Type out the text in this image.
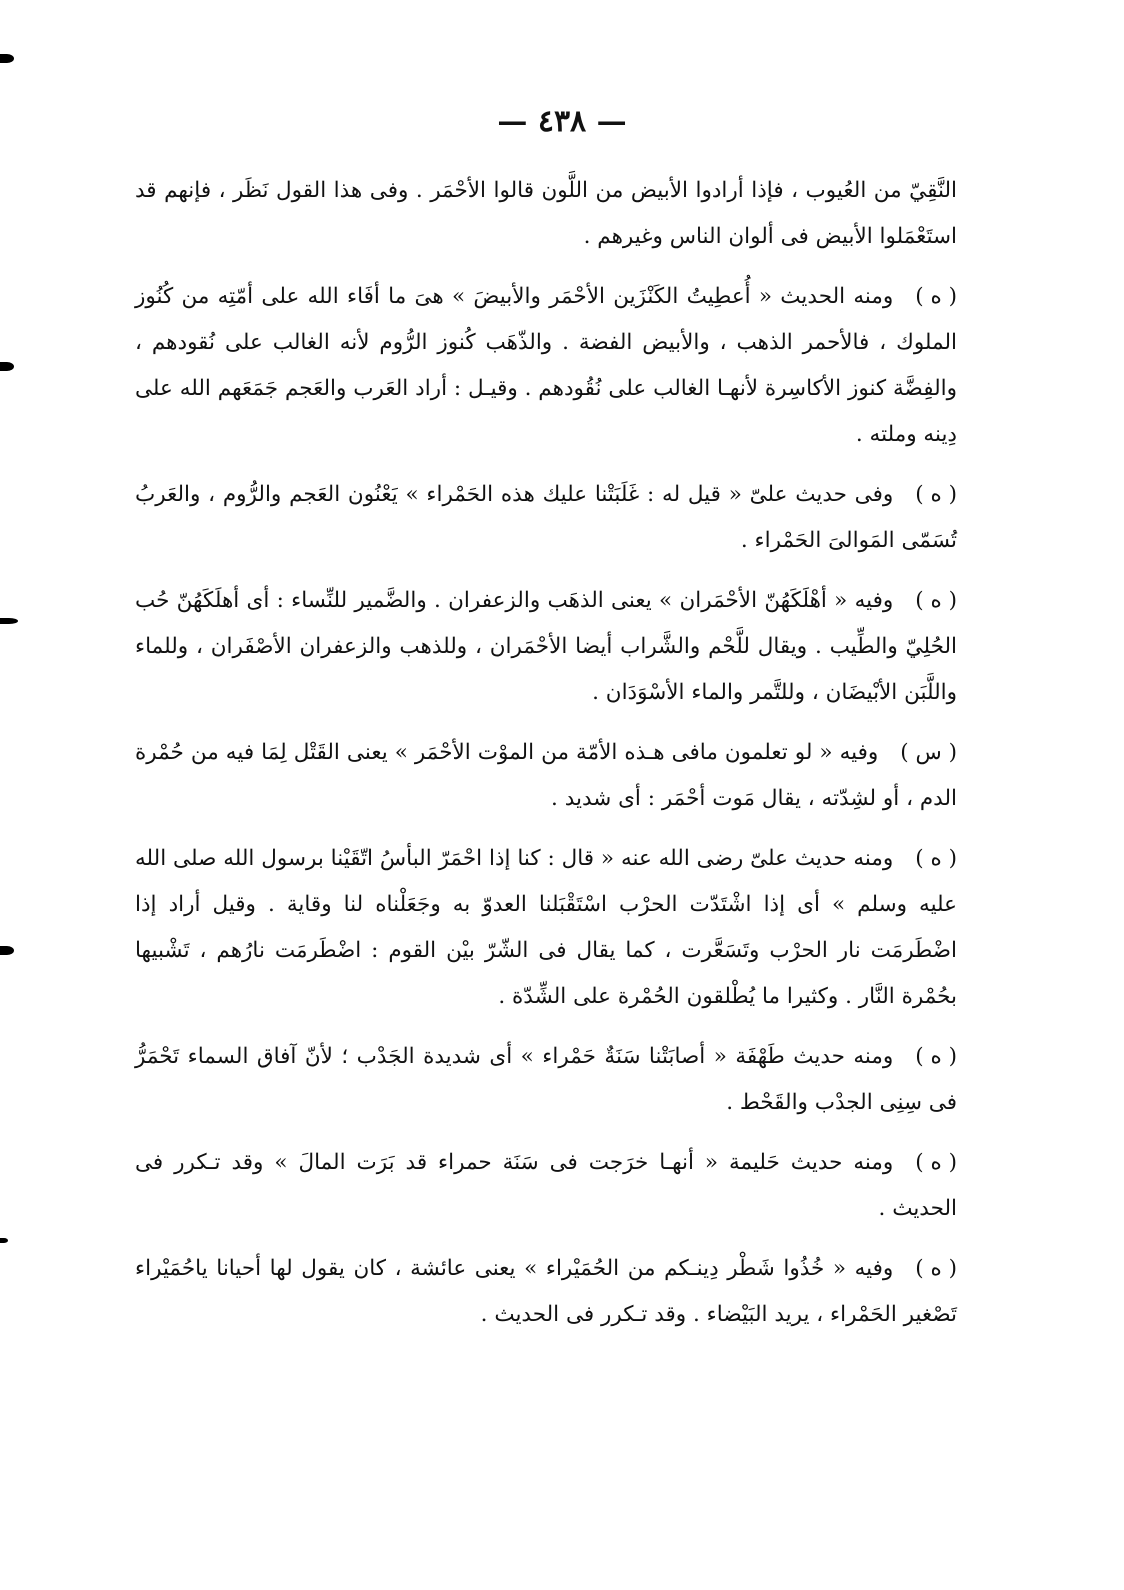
— ٤٣٨ —

النَّقِيّ من العُيوب ، فإذا أرادوا الأبيض من اللَّون قالوا الأحْمَر . وفى هذا القول نَظَر ، فإنهم قد استَعْمَلوا الأبيض فى ألوان الناس وغيرهم .

( ه )ومنه الحديث « أُعطِيتُ الكَنْزَين الأحْمَر والأبيضَ » هىَ ما أفَاء الله على أمّتِه من كُنُوز الملوك ، فالأحمر الذهب ، والأبيض الفضة . والذّهَب كُنوز الرُّوم لأنه الغالب على نُقودهم ، والفِضَّة كنوز الأكاسِرة لأنهـا الغالب على نُقُودهم . وقيـل : أراد العَرب والعَجم جَمَعَهم الله على دِينه وملته .

( ه )وفى حديث علىّ « قيل له : غَلَبَتْنا عليك هذه الحَمْراء » يَعْنُون العَجم والرُّوم ، والعَربُ تُسَمّى المَوالىَ الحَمْراء .

( ه )وفيه « أهْلَكَهُنّ الأحْمَران » يعنى الذهَب والزعفران . والضَّمير للنِّساء : أى أهلَكَهُنّ حُب الحُلِيّ والطِّيب . ويقال للَّحْم والشَّراب أيضا الأحْمَران ، وللذهب والزعفران الأصْفَران ، وللماء واللَّبَن الأبْيضَان ، وللتَّمر والماء الأسْوَدَان .

( س )وفيه « لو تعلمون مافى هـذه الأمّة من الموْت الأحْمَر » يعنى القَتْل لِمَا فيه من حُمْرة الدم ، أو لشِدّته ، يقال مَوت أحْمَر : أى شديد .

( ه )ومنه حديث علىّ رضى الله عنه « قال : كنا إذا احْمَرّ البأسُ اتّقَيْنا برسول الله صلى الله عليه وسلم » أى إذا اشْتَدّت الحرْب اسْتَقْبَلنا العدوّ به وجَعَلْناه لنا وقاية . وقيل أراد إذا اضْطَرمَت نار الحرْب وتَسَعَّرت ، كما يقال فى الشّرّ بيْن القوم : اضْطَرمَت نارُهم ، تَشْبيها بحُمْرة النَّار . وكثيرا ما يُطْلقون الحُمْرة على الشِّدّة .

( ه )ومنه حديث طَهْفَة « أصابَتْنا سَنَةٌ حَمْراء » أى شديدة الجَدْب ؛ لأنّ آفاق السماء تَحْمَرُّ فى سِنِى الجدْب والقَحْط .

( ه )ومنه حديث حَليمة « أنهـا خرَجت فى سَنَة حمراء قد بَرَت المالَ » وقد تـكرر فى الحديث .

( ه )وفيه « خُذُوا شَطْر دِينـكم من الحُمَيْراء » يعنى عائشة ، كان يقول لها أحيانا ياحُمَيْراء تَصْغير الحَمْراء ، يريد البَيْضاء . وقد تـكرر فى الحديث .
